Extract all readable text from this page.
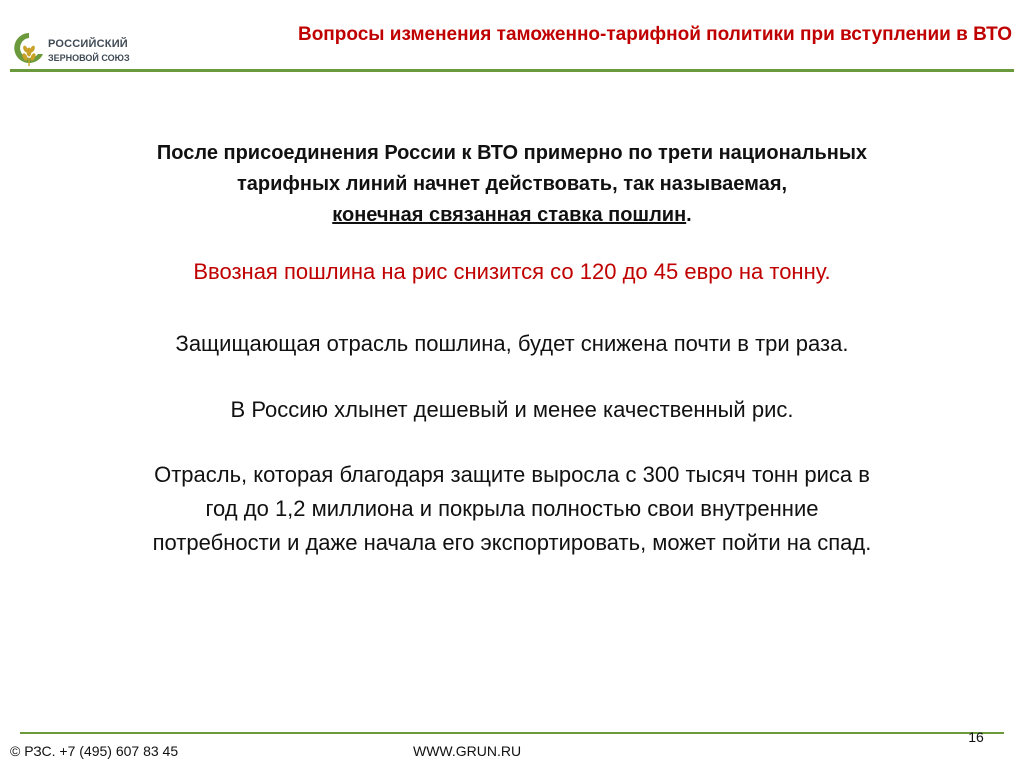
РОССИЙСКИЙ
ЗЕРНОВОЙ СОЮЗ
Вопросы изменения таможенно-тарифной политики при вступлении в ВТО

После присоединения России к ВТО примерно по трети национальных
тарифных линий начнет действовать, так называемая,
конечная связанная ставка пошлин.

Ввозная пошлина на рис снизится со 120 до 45 евро на тонну.

Защищающая отрасль пошлина, будет снижена почти в три раза.

В Россию хлынет дешевый и менее качественный рис.

Отрасль, которая благодаря защите выросла с 300 тысяч тонн риса в
год до 1,2 миллиона и покрыла полностью свои внутренние
потребности и даже начала его экспортировать, может пойти на спад.

16
© РЗС. +7 (495) 607 83 45	WWW.GRUN.RU
